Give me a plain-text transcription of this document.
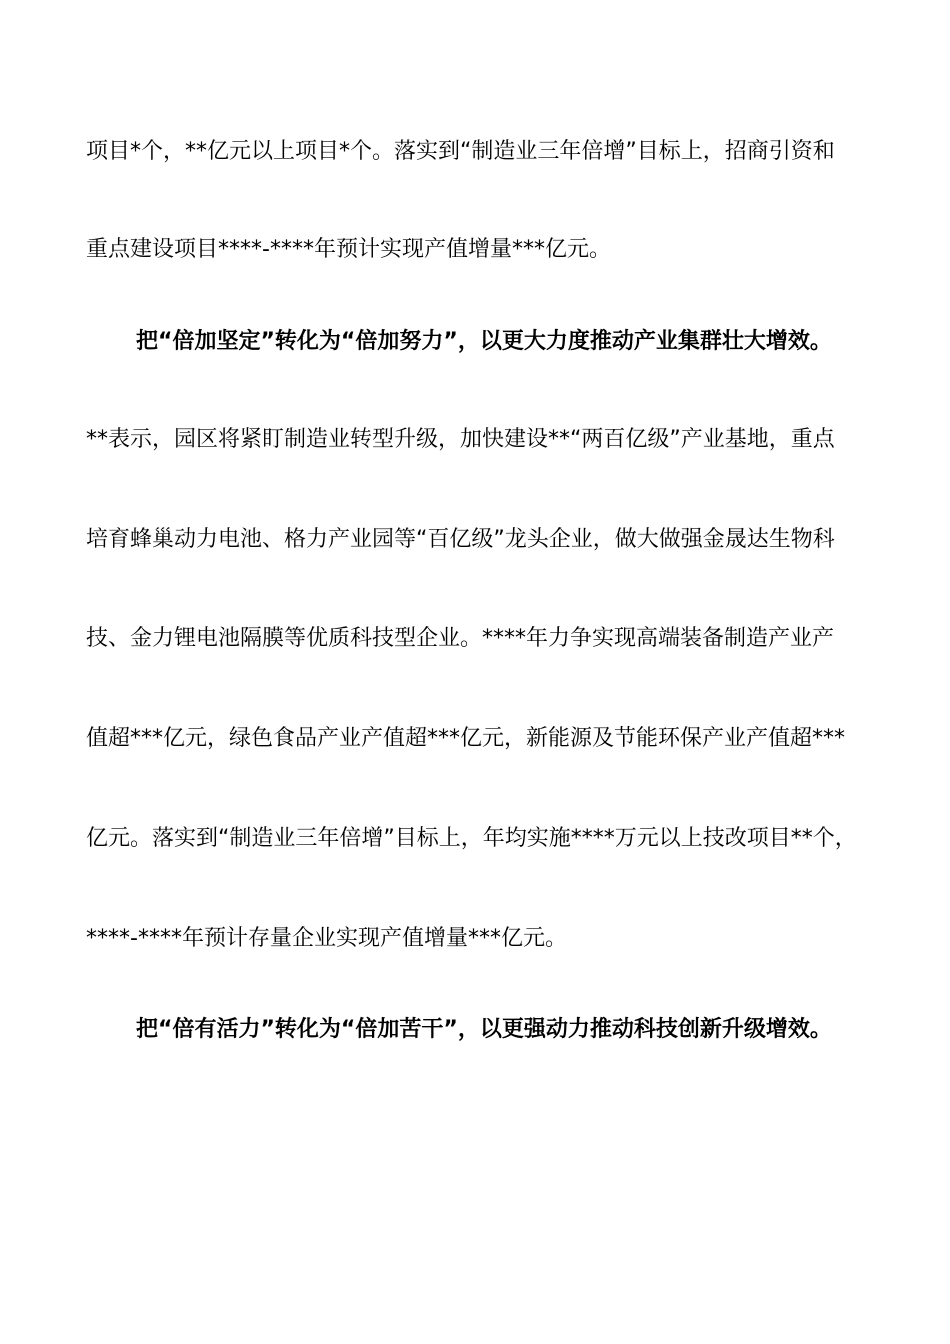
项目*个，**亿元以上项目*个。落实到“制造业三年倍增”目标上，招商引资和
重点建设项目****-****年预计实现产值增量***亿元。
把“倍加坚定”转化为“倍加努力”，以更大力度推动产业集群壮大增效。
**表示，园区将紧盯制造业转型升级，加快建设**“两百亿级”产业基地，重点
培育蜂巢动力电池、格力产业园等“百亿级”龙头企业，做大做强金晟达生物科
技、金力锂电池隔膜等优质科技型企业。****年力争实现高端装备制造产业产
值超***亿元，绿色食品产业产值超***亿元，新能源及节能环保产业产值超***
亿元。落实到“制造业三年倍增”目标上，年均实施****万元以上技改项目**个，
****-****年预计存量企业实现产值增量***亿元。
把“倍有活力”转化为“倍加苦干”，以更强动力推动科技创新升级增效。
